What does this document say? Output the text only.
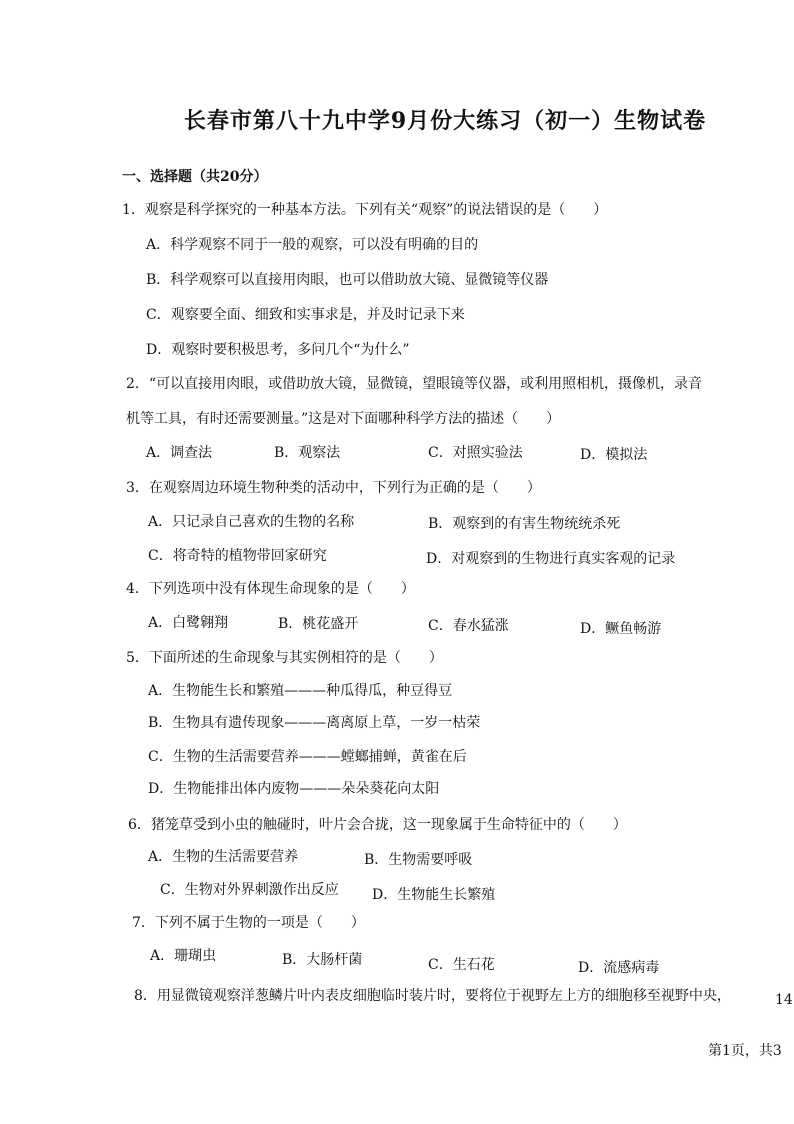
长春市第八十九中学9月份大练习（初一）生物试卷
一、选择题（共20分）
1．观察是科学探究的一种基本方法。下列有关“观察”的说法错误的是（　　）
A．科学观察不同于一般的观察，可以没有明确的目的
B．科学观察可以直接用肉眼，也可以借助放大镜、显微镜等仪器
C．观察要全面、细致和实事求是，并及时记录下来
D．观察时要积极思考，多问几个“为什么”
2．“可以直接用肉眼，或借助放大镜，显微镜，望眼镜等仪器，或利用照相机，摄像机，录音
机等工具，有时还需要测量。”这是对下面哪种科学方法的描述（　　）
A．调查法	B．观察法	C．对照实验法	D．模拟法
3．在观察周边环境生物种类的活动中，下列行为正确的是（　　）
A．只记录自己喜欢的生物的名称	B．观察到的有害生物统统杀死
C．将奇特的植物带回家研究	D．对观察到的生物进行真实客观的记录
4．下列选项中没有体现生命现象的是（　　）
A．白鹭翱翔	B．桃花盛开	C．春水猛涨	D．鳜鱼畅游
5．下面所述的生命现象与其实例相符的是（　　）
A．生物能生长和繁殖———种瓜得瓜，种豆得豆
B．生物具有遗传现象———离离原上草，一岁一枯荣
C．生物的生活需要营养———螳螂捕蝉，黄雀在后
D．生物能排出体内废物———朵朵葵花向太阳
6．猪笼草受到小虫的触碰时，叶片会合拢，这一现象属于生命特征中的（　　）
A．生物的生活需要营养	B．生物需要呼吸
C．生物对外界刺激作出反应 D．生物能生长繁殖
7．下列不属于生物的一项是（　　）
A．珊瑚虫	B．大肠杆菌	C．生石花	D．流感病毒
8．用显微镜观察洋葱鳞片叶内表皮细胞临时装片时，要将位于视野左上方的细胞移至视野中央，	14
第1页，共3
